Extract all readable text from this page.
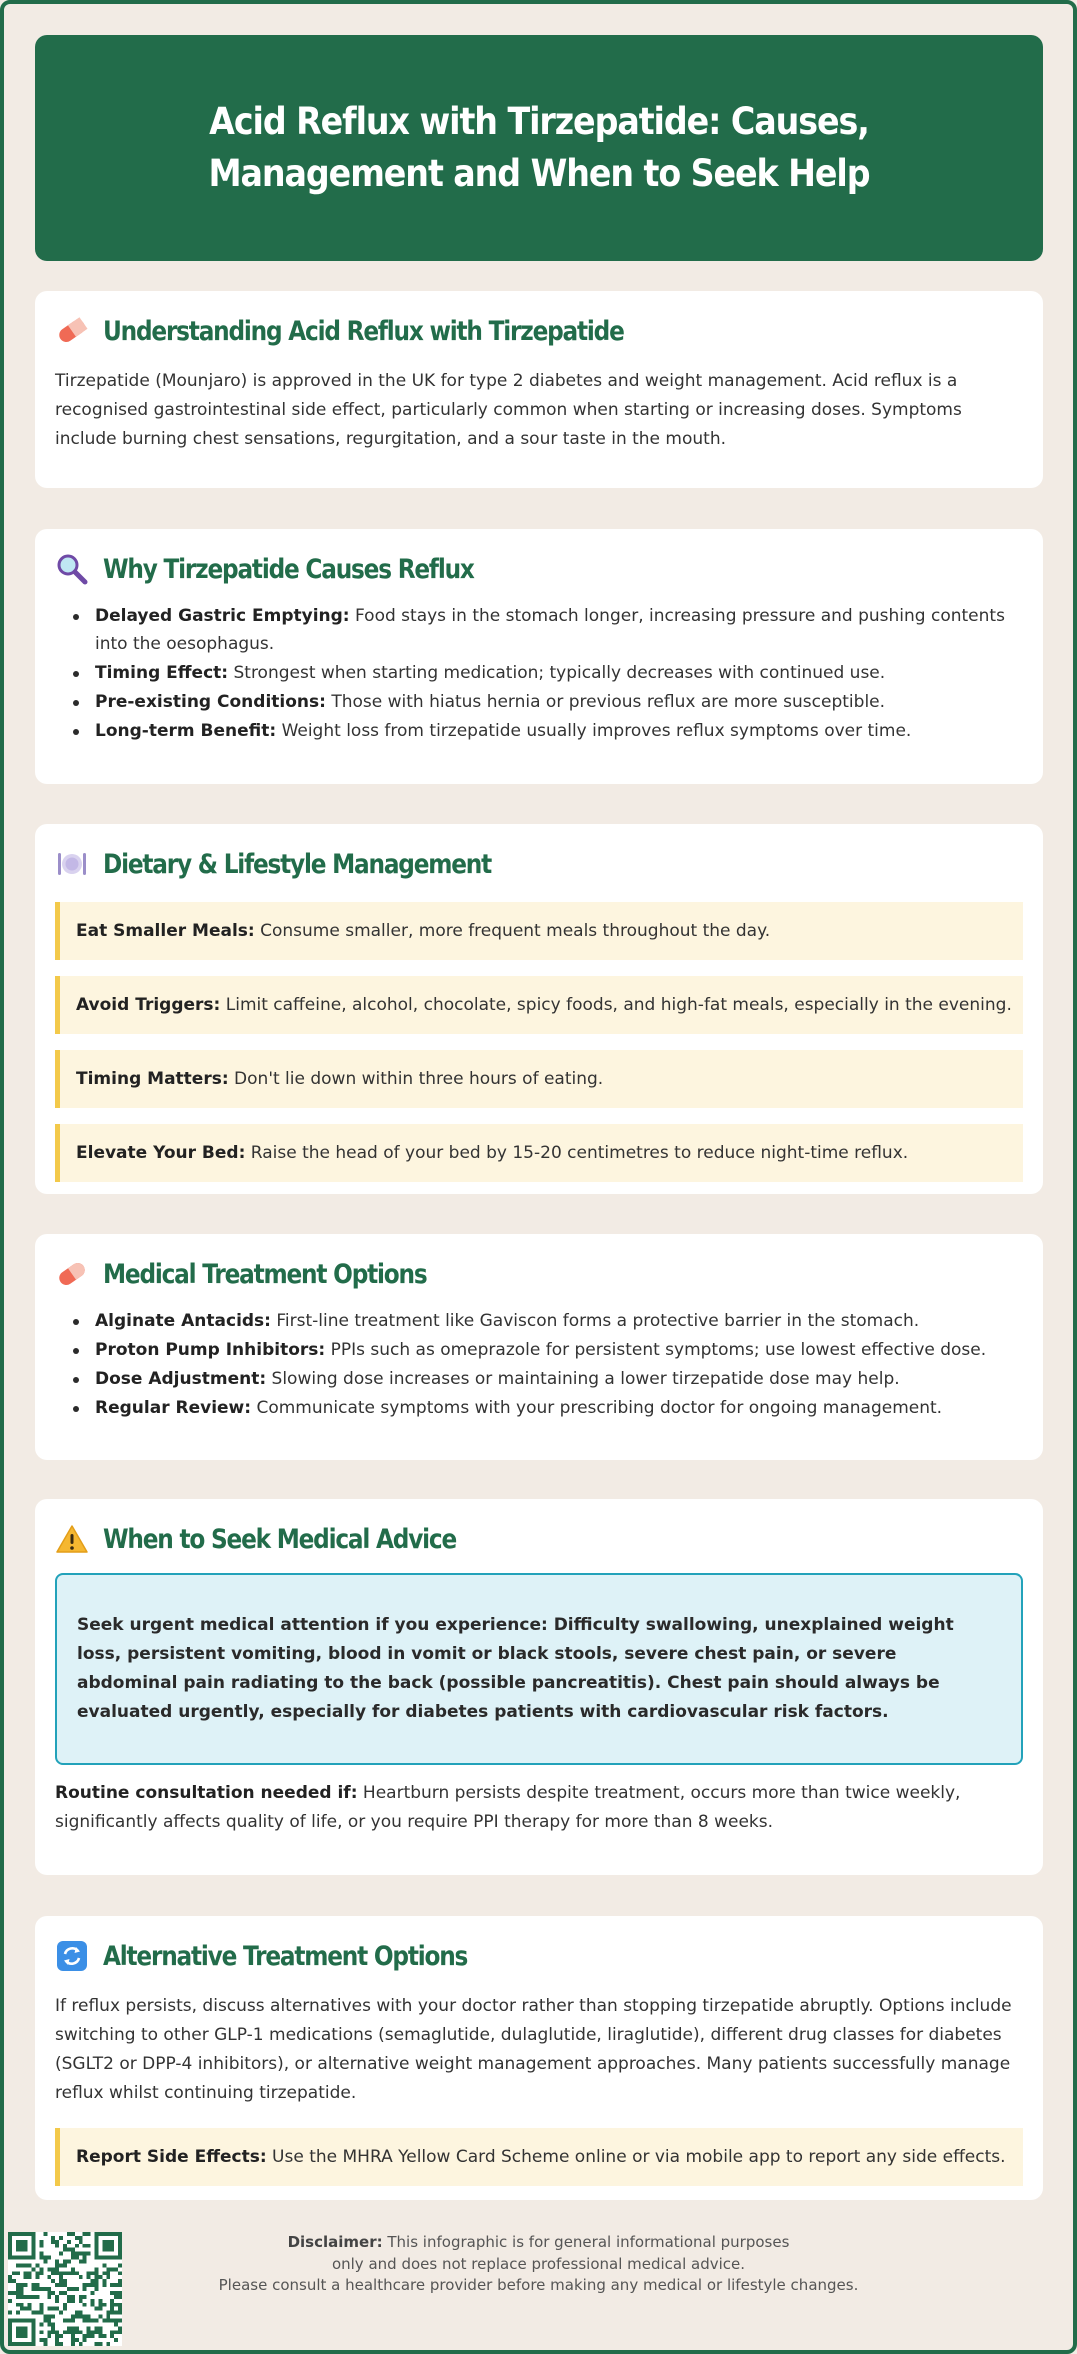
Acid Reflux with Tirzepatide: Causes, Management and When to Seek Help
Understanding Acid Reflux with Tirzepatide

Tirzepatide (Mounjaro) is approved in the UK for type 2 diabetes and weight management. Acid reflux is a recognised gastrointestinal side effect, particularly common when starting or increasing doses. Symptoms include burning chest sensations, regurgitation, and a sour taste in the mouth.

Why Tirzepatide Causes Reflux
Delayed Gastric Emptying: Food stays in the stomach longer, increasing pressure and pushing contents into the oesophagus.
Timing Effect: Strongest when starting medication; typically decreases with continued use.
Pre-existing Conditions: Those with hiatus hernia or previous reflux are more susceptible.
Long-term Benefit: Weight loss from tirzepatide usually improves reflux symptoms over time.
Dietary & Lifestyle Management
Eat Smaller Meals: Consume smaller, more frequent meals throughout the day.
Avoid Triggers: Limit caffeine, alcohol, chocolate, spicy foods, and high-fat meals, especially in the evening.
Timing Matters: Don't lie down within three hours of eating.
Elevate Your Bed: Raise the head of your bed by 15-20 centimetres to reduce night-time reflux.
Medical Treatment Options
Alginate Antacids: First-line treatment like Gaviscon forms a protective barrier in the stomach.
Proton Pump Inhibitors: PPIs such as omeprazole for persistent symptoms; use lowest effective dose.
Dose Adjustment: Slowing dose increases or maintaining a lower tirzepatide dose may help.
Regular Review: Communicate symptoms with your prescribing doctor for ongoing management.
When to Seek Medical Advice
Seek urgent medical attention if you experience: Difficulty swallowing, unexplained weight loss, persistent vomiting, blood in vomit or black stools, severe chest pain, or severe abdominal pain radiating to the back (possible pancreatitis). Chest pain should always be evaluated urgently, especially for diabetes patients with cardiovascular risk factors.

Routine consultation needed if: Heartburn persists despite treatment, occurs more than twice weekly, significantly affects quality of life, or you require PPI therapy for more than 8 weeks.

Alternative Treatment Options

If reflux persists, discuss alternatives with your doctor rather than stopping tirzepatide abruptly. Options include switching to other GLP-1 medications (semaglutide, dulaglutide, liraglutide), different drug classes for diabetes (SGLT2 or DPP-4 inhibitors), or alternative weight management approaches. Many patients successfully manage reflux whilst continuing tirzepatide.

Report Side Effects: Use the MHRA Yellow Card Scheme online or via mobile app to report any side effects.
Disclaimer: This infographic is for general informational purposes
only and does not replace professional medical advice.
Please consult a healthcare provider before making any medical or lifestyle changes.
